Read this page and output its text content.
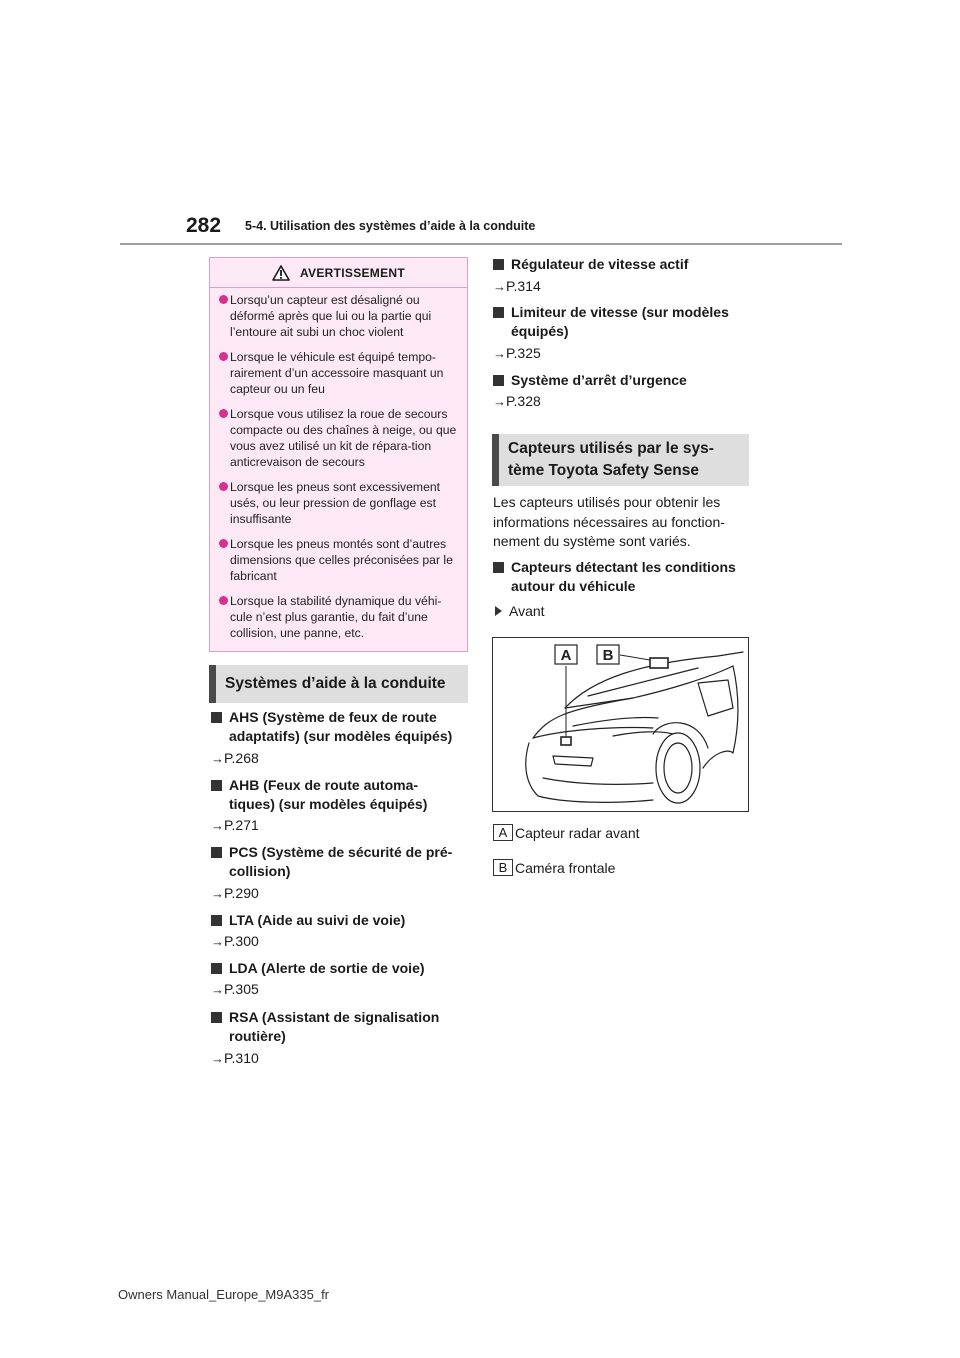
282 5-4. Utilisation des systèmes d’aide à la conduite
AVERTISSEMENT
Lorsqu’un capteur est désaligné ou déformé après que lui ou la partie qui l’entoure ait subi un choc violent
Lorsque le véhicule est équipé tempo-rairement d’un accessoire masquant un capteur ou un feu
Lorsque vous utilisez la roue de secours compacte ou des chaînes à neige, ou que vous avez utilisé un kit de répara-tion anticrevaison de secours
Lorsque les pneus sont excessivement usés, ou leur pression de gonflage est insuffisante
Lorsque les pneus montés sont d’autres dimensions que celles préconisées par le fabricant
Lorsque la stabilité dynamique du véhi-cule n’est plus garantie, du fait d’une collision, une panne, etc.
Systèmes d’aide à la conduite
AHS (Système de feux de route
adaptatifs) (sur modèles équipés)
→P.268
AHB (Feux de route automa-
tiques) (sur modèles équipés)
→P.271
PCS (Système de sécurité de pré-
collision)
→P.290
LTA (Aide au suivi de voie)
→P.300
LDA (Alerte de sortie de voie)
→P.305
RSA (Assistant de signalisation
routière)
→P.310
Régulateur de vitesse actif
→P.314
Limiteur de vitesse (sur modèles
équipés)
→P.325
Système d’arrêt d’urgence
→P.328
Capteurs utilisés par le sys-
tème Toyota Safety Sense
Les capteurs utilisés pour obtenir les
informations nécessaires au fonction-
nement du système sont variés.
Capteurs détectant les conditions
autour du véhicule
Avant
A B
A Capteur radar avant
B Caméra frontale
Owners Manual_Europe_M9A335_fr
